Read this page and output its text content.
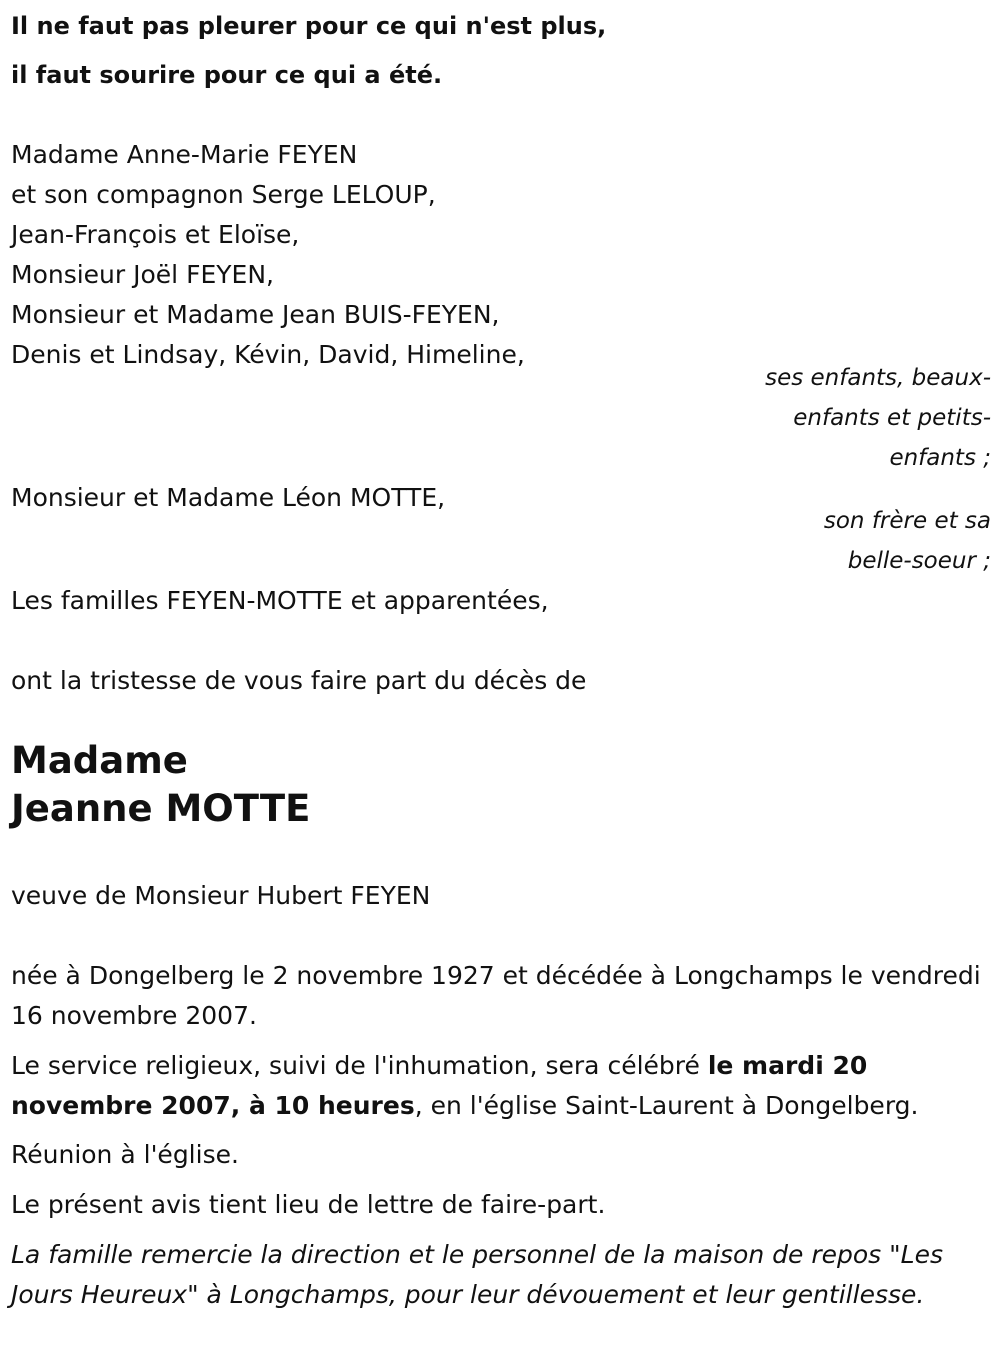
Il ne faut pas pleurer pour ce qui n'est plus,
il faut sourire pour ce qui a été.
Madame Anne-Marie FEYEN
et son compagnon Serge LELOUP,
Jean-François et Eloïse,
Monsieur Joël FEYEN,
Monsieur et Madame Jean BUIS-FEYEN,
Denis et Lindsay, Kévin, David, Himeline,
ses enfants, beaux-
enfants et petits-
enfants ;
Monsieur et Madame Léon MOTTE,
son frère et sa
belle-soeur ;
Les familles FEYEN-MOTTE et apparentées,
ont la tristesse de vous faire part du décès de
Madame
Jeanne MOTTE
veuve de Monsieur Hubert FEYEN
née à Dongelberg le 2 novembre 1927 et décédée à Longchamps le vendredi 16 novembre 2007.
Le service religieux, suivi de l'inhumation, sera célébré le mardi 20 novembre 2007, à 10 heures, en l'église Saint-Laurent à Dongelberg.
Réunion à l'église.
Le présent avis tient lieu de lettre de faire-part.
La famille remercie la direction et le personnel de la maison de repos "Les Jours Heureux" à Longchamps, pour leur dévouement et leur gentillesse.
